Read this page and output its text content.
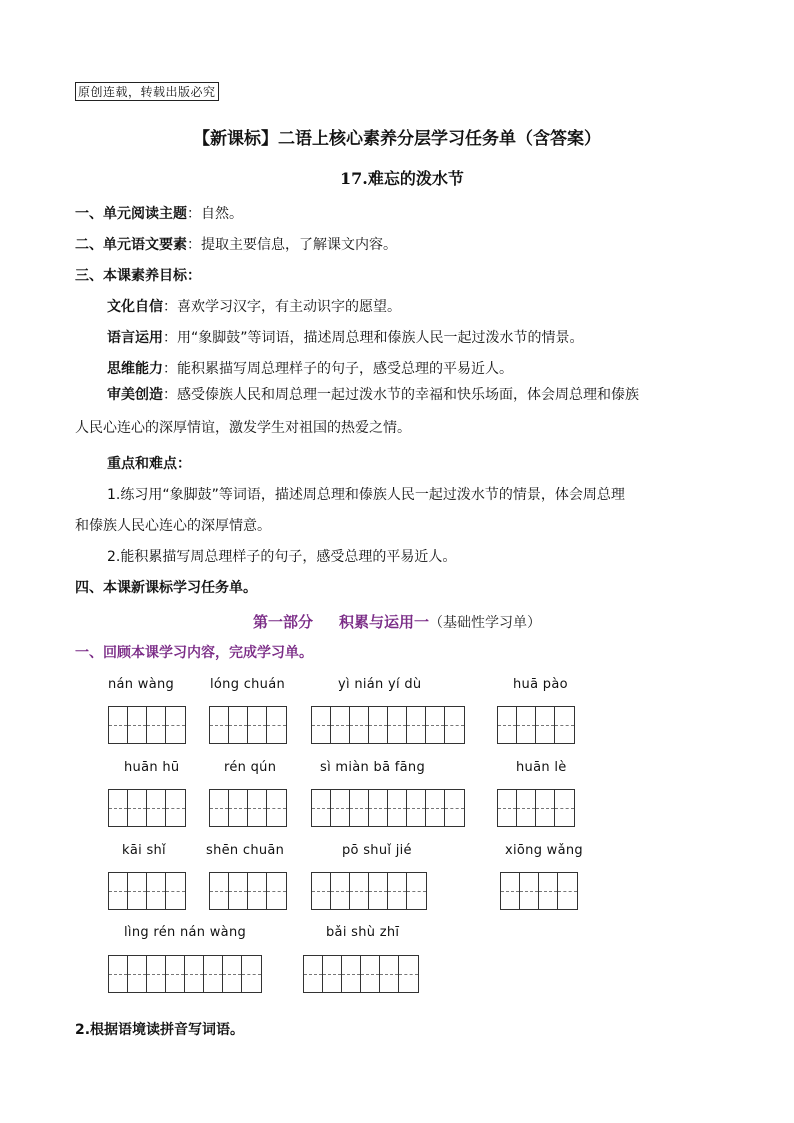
原创连载，转载出版必究
【新课标】二语上核心素养分层学习任务单（含答案）
17.难忘的泼水节
一、单元阅读主题：自然。
二、单元语文要素：提取主要信息，了解课文内容。
三、本课素养目标：
文化自信：喜欢学习汉字，有主动识字的愿望。
语言运用：用“象脚鼓”等词语，描述周总理和傣族人民一起过泼水节的情景。
思维能力：能积累描写周总理样子的句子，感受总理的平易近人。
审美创造：感受傣族人民和周总理一起过泼水节的幸福和快乐场面，体会周总理和傣族
人民心连心的深厚情谊，激发学生对祖国的热爱之情。
重点和难点：
1.练习用“象脚鼓”等词语，描述周总理和傣族人民一起过泼水节的情景，体会周总理
和傣族人民心连心的深厚情意。
2.能积累描写周总理样子的句子，感受总理的平易近人。
四、本课新课标学习任务单。
第一部分 积累与运用一（基础性学习单）
一、回顾本课学习内容，完成学习单。
nán wàng	lóng chuán	yì nián yí dù	huā pào
huān hū	rén qún	sì miàn bā fāng	huān lè
kāi shǐ	shēn chuān	pō shuǐ jié	xiōng wǎng
lìng rén nán wàng	bǎi shù zhī
2.根据语境读拼音写词语。
